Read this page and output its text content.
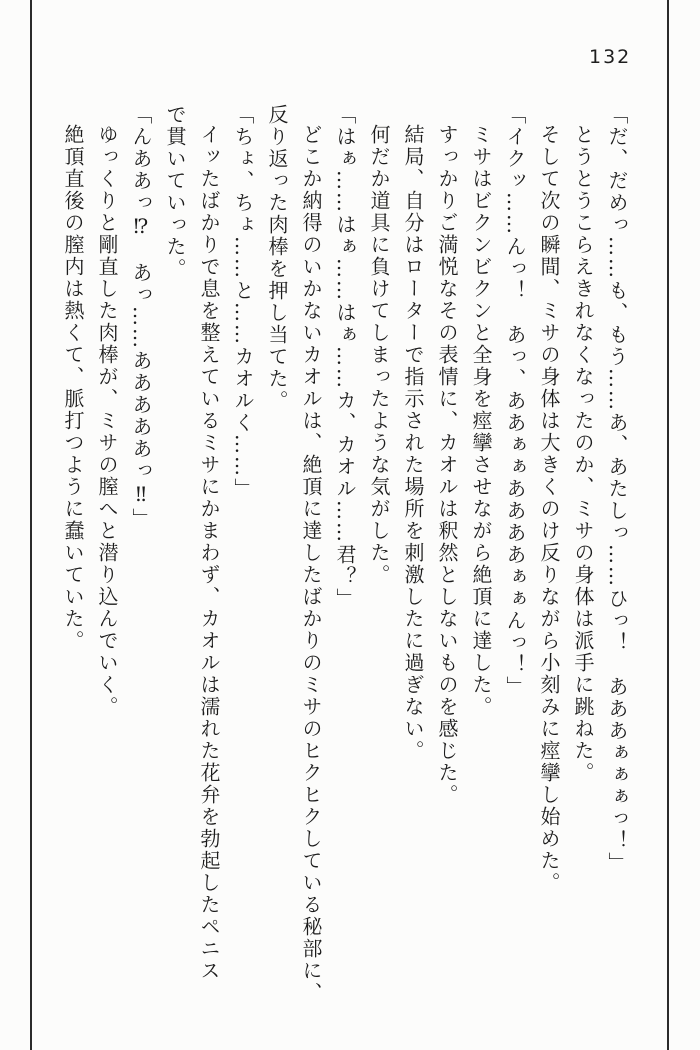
132

「だ、だめっ……も、もう……あ、あたしっ……ひっ！　あああぁぁぁっ！」

とうとうこらえきれなくなったのか、ミサの身体は派手に跳ねた。

そして次の瞬間、ミサの身体は大きくのけ反りながら小刻みに痙攣し始めた。

「イクッ……んっ！　あっ、ああぁぁああああぁぁんっ！」

ミサはビクンビクンと全身を痙攣させながら絶頂に達した。

すっかりご満悦なその表情に、カオルは釈然としないものを感じた。

結局、自分はローターで指示された場所を刺激したに過ぎない。

何だか道具に負けてしまったような気がした。

「はぁ……はぁ……はぁ……カ、カオル……君？」

どこか納得のいかないカオルは、絶頂に達したばかりのミサのヒクヒクしている秘部に、

反り返った肉棒を押し当てた。

「ちょ、ちょ……と……カオルく……」

イッたばかりで息を整えているミサにかまわず、カオルは濡れた花弁を勃起したペニス

で貫いていった。

「んああっ⁉　あっ……あああああっ‼」

ゆっくりと剛直した肉棒が、ミサの膣へと潜り込んでいく。

絶頂直後の膣内は熱くて、脈打つように蠢いていた。
